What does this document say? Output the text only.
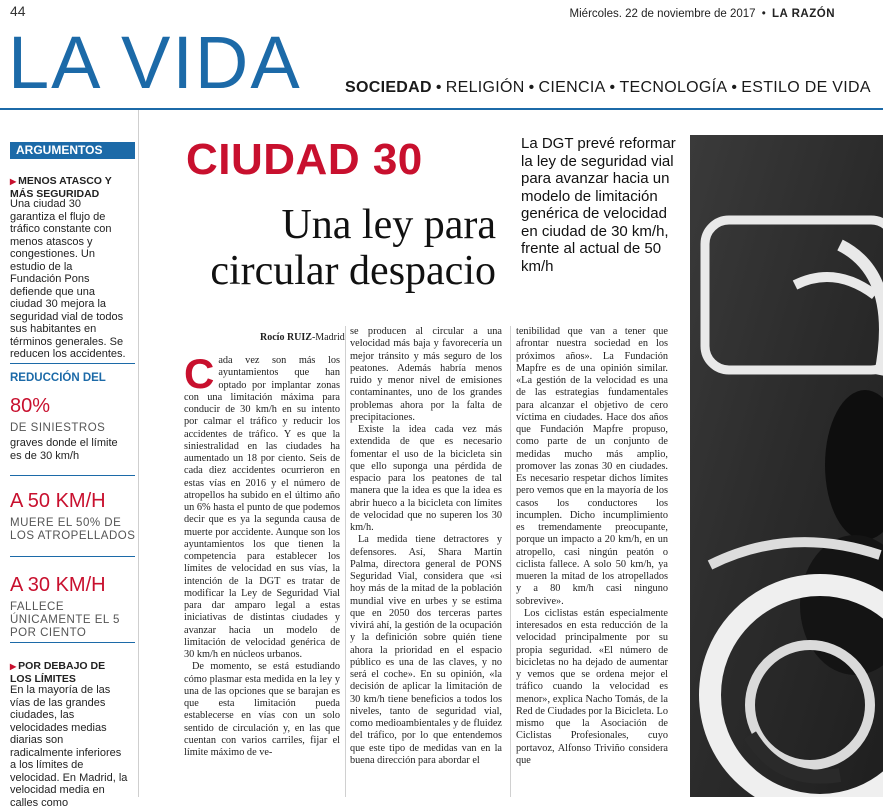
44	Miércoles. 22 de noviembre de 2017 • LA RAZÓN
LA VIDA	SOCIEDAD • RELIGIÓN • CIENCIA • TECNOLOGÍA • ESTILO DE VIDA
ARGUMENTOS
▶ MENOS ATASCO Y
MÁS SEGURIDAD
Una ciudad 30 garantiza el flujo de tráfico constante con menos atascos y congestiones. Un estudio de la Fundación Pons defiende que una ciudad 30 mejora la seguridad vial de todos sus habitantes en términos generales. Se reducen los accidentes.
REDUCCIÓN DEL
80%
DE SINIESTROS
graves donde el límite es de 30 km/h
A 50 KM/H
MUERE EL 50% DE LOS ATROPELLADOS
A 30 KM/H
FALLECE ÚNICAMENTE EL 5 POR CIENTO
▶ POR DEBAJO DE
LOS LÍMITES
En la mayoría de las vías de las grandes ciudades, las velocidades medias diarias son radicalmente inferiores a los límites de velocidad. En Madrid, la velocidad media en calles como
CIUDAD 30
Una ley para circular despacio
La DGT prevé reformar la ley de seguridad vial para avanzar hacia un modelo de limitación genérica de velocidad en ciudad de 30 km/h, frente al actual de 50 km/h
Rocío RUIZ-Madrid

Cada vez son más los ayuntamientos que han optado por implantar zonas con una limitación máxima para conducir de 30 km/h en su intento por calmar el tráfico y reducir los accidentes de tráfico. Y es que la siniestralidad en las ciudades ha aumentado un 18 por ciento. Seis de cada diez accidentes ocurrieron en estas vías en 2016 y el número de atropellos ha subido en el último año un 6% hasta el punto de que podemos decir que es ya la segunda causa de muerte por accidente. Aunque son los ayuntamientos los que tienen la competencia para establecer los límites de velocidad en sus vías, la intención de la DGT es tratar de modificar la Ley de Seguridad Vial para dar amparo legal a estas iniciativas de distintas ciudades y avanzar hacia un modelo de limitación de velocidad genérica de 30 km/h en núcleos urbanos.

De momento, se está estudiando cómo plasmar esta medida en la ley y una de las opciones que se barajan es que esta limitación pueda establecerse en vías con un solo sentido de circulación y, en las que cuentan con varios carriles, fijar el límite máximo de ve-

se producen al circular a una velocidad más baja y favorecería un mejor tránsito y más seguro de los peatones. Además habría menos ruido y menor nivel de emisiones contaminantes, uno de los grandes problemas ahora por la falta de precipitaciones.

Existe la idea cada vez más extendida de que es necesario fomentar el uso de la bicicleta sin que ello suponga una pérdida de espacio para los peatones de tal manera que la idea es que la idea es abrir hueco a la bicicleta con límites de velocidad que no superen los 30 km/h.

La medida tiene detractores y defensores. Así, Shara Martín Palma, directora general de PONS Seguridad Vial, considera que «si hoy más de la mitad de la población mundial vive en urbes y se estima que en 2050 dos terceras partes vivirá ahí, la gestión de la ocupación y la definición sobre quién tiene ahora la prioridad en el espacio público es una de las claves, y no será el coche». En su opinión, «la decisión de aplicar la limitación de 30 km/h tiene beneficios a todos los niveles, tanto de seguridad vial, como medioambientales y de fluidez del tráfico, por lo que entendemos que este tipo de medidas van en la buena dirección para abordar el

tenibilidad que van a tener que afrontar nuestra sociedad en los próximos años». La Fundación Mapfre es de una opinión similar. «La gestión de la velocidad es una de las estrategias fundamentales para alcanzar el objetivo de cero víctima en ciudades. Hace dos años que Fundación Mapfre propuso, como parte de un conjunto de medidas mucho más amplio, promover las zonas 30 en ciudades. Es necesario respetar dichos límites pero vemos que en la mayoría de los casos los conductores los incumplen. Dicho incumplimiento es tremendamente preocupante, porque un impacto a 20 km/h, en un atropello, casi ningún peatón o ciclista fallece. A solo 50 km/h, ya mueren la mitad de los atropellados y a 80 km/h casi ninguno sobrevive».

Los ciclistas están especialmente interesados en esta reducción de la velocidad principalmente por su propia seguridad. «El número de bicicletas no ha dejado de aumentar y vemos que se ordena mejor el tráfico cuando la velocidad es menor», explica Nacho Tomás, de la Red de Ciudades por la Bicicleta. Lo mismo que la Asociación de Ciclistas Profesionales, cuyo portavoz, Alfonso Triviño considera que
